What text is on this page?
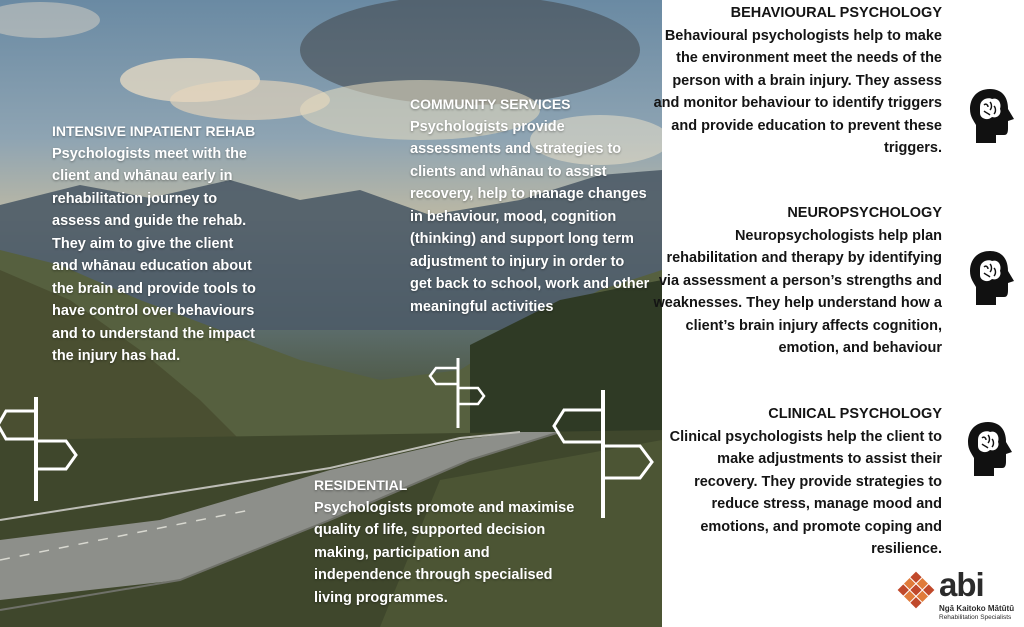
INTENSIVE INPATIENT REHAB
Psychologists meet with the client and whānau early in rehabilitation journey to assess and guide the rehab. They aim to give the client and whānau education about the brain and provide tools to have control over behaviours and to understand the impact the injury has had.
COMMUNITY SERVICES
Psychologists provide assessments and strategies to clients and whānau to assist recovery, help to manage changes in behaviour, mood, cognition (thinking) and support long term adjustment to injury in order to get back to school, work and other meaningful activities
RESIDENTIAL
Psychologists promote and maximise quality of life, supported decision making, participation and independence through specialised living programmes.
BEHAVIOURAL PSYCHOLOGY
Behavioural psychologists help to make the environment meet the needs of the person with a brain injury. They assess and monitor behaviour to identify triggers and provide education to prevent these triggers.
NEUROPSYCHOLOGY
Neuropsychologists help plan rehabilitation and therapy by identifying via assessment a person’s strengths and weaknesses. They help understand how a client’s brain injury affects cognition, emotion, and behaviour
CLINICAL PSYCHOLOGY
Clinical psychologists help the client to make adjustments to assist their recovery. They provide strategies to reduce stress, manage mood and emotions, and promote coping and resilience.
abi
Ngā Kaitoko Mātūtū
Rehabilitation Specialists
